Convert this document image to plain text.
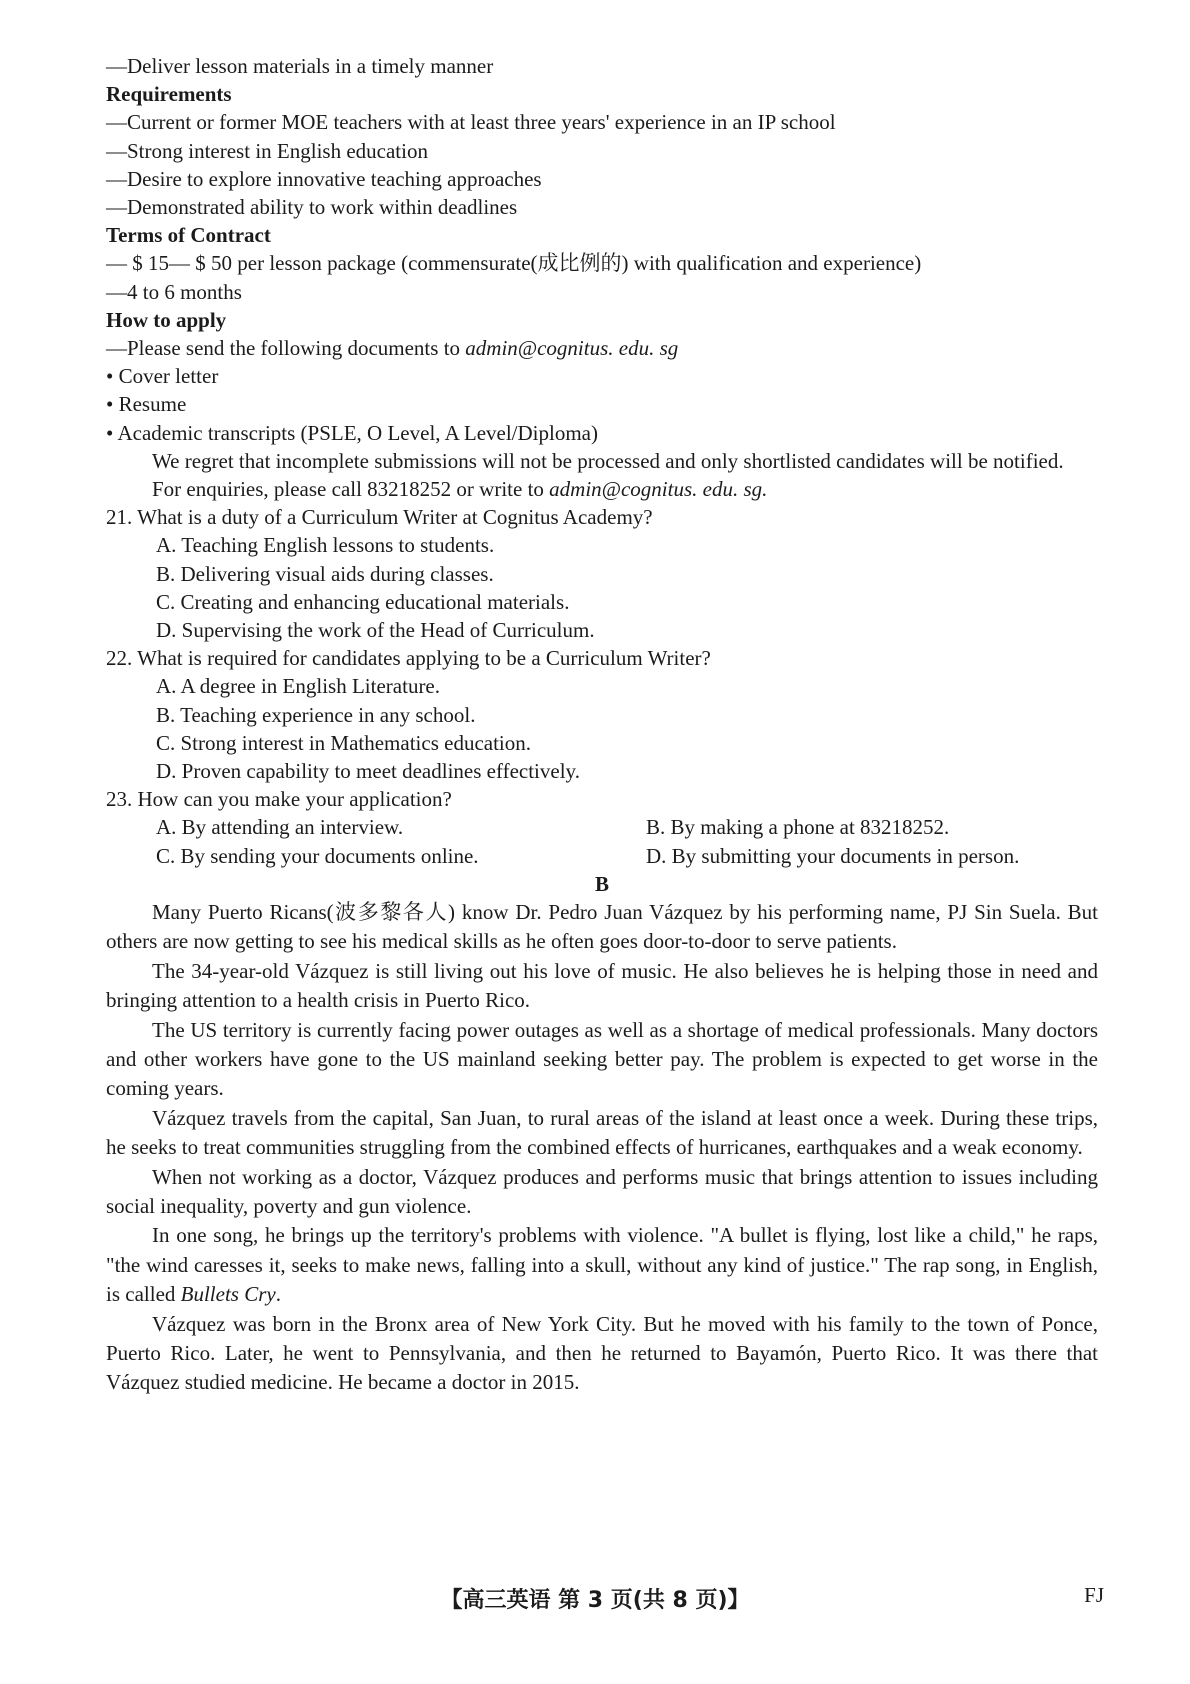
—Deliver lesson materials in a timely manner
Requirements
—Current or former MOE teachers with at least three years' experience in an IP school
—Strong interest in English education
—Desire to explore innovative teaching approaches
—Demonstrated ability to work within deadlines
Terms of Contract
— $ 15— $ 50 per lesson package (commensurate(成比例的) with qualification and experience)
—4 to 6 months
How to apply
—Please send the following documents to admin@cognitus. edu. sg
• Cover letter
• Resume
• Academic transcripts (PSLE, O Level, A Level/Diploma)
We regret that incomplete submissions will not be processed and only shortlisted candidates will be notified.
For enquiries, please call 83218252 or write to admin@cognitus. edu. sg.
21. What is a duty of a Curriculum Writer at Cognitus Academy?
A. Teaching English lessons to students.
B. Delivering visual aids during classes.
C. Creating and enhancing educational materials.
D. Supervising the work of the Head of Curriculum.
22. What is required for candidates applying to be a Curriculum Writer?
A. A degree in English Literature.
B. Teaching experience in any school.
C. Strong interest in Mathematics education.
D. Proven capability to meet deadlines effectively.
23. How can you make your application?
A. By attending an interview.	B. By making a phone at 83218252.
C. By sending your documents online.	D. By submitting your documents in person.
B
Many Puerto Ricans(波多黎各人) know Dr. Pedro Juan Vázquez by his performing name, PJ Sin Suela. But others are now getting to see his medical skills as he often goes door-to-door to serve patients.
The 34-year-old Vázquez is still living out his love of music. He also believes he is helping those in need and bringing attention to a health crisis in Puerto Rico.
The US territory is currently facing power outages as well as a shortage of medical professionals. Many doctors and other workers have gone to the US mainland seeking better pay. The problem is expected to get worse in the coming years.
Vázquez travels from the capital, San Juan, to rural areas of the island at least once a week. During these trips, he seeks to treat communities struggling from the combined effects of hurricanes, earthquakes and a weak economy.
When not working as a doctor, Vázquez produces and performs music that brings attention to issues including social inequality, poverty and gun violence.
In one song, he brings up the territory's problems with violence. "A bullet is flying, lost like a child," he raps, "the wind caresses it, seeks to make news, falling into a skull, without any kind of justice." The rap song, in English, is called Bullets Cry.
Vázquez was born in the Bronx area of New York City. But he moved with his family to the town of Ponce, Puerto Rico. Later, he went to Pennsylvania, and then he returned to Bayamón, Puerto Rico. It was there that Vázquez studied medicine. He became a doctor in 2015.
【高三英语 第 3 页(共 8 页)】	FJ
